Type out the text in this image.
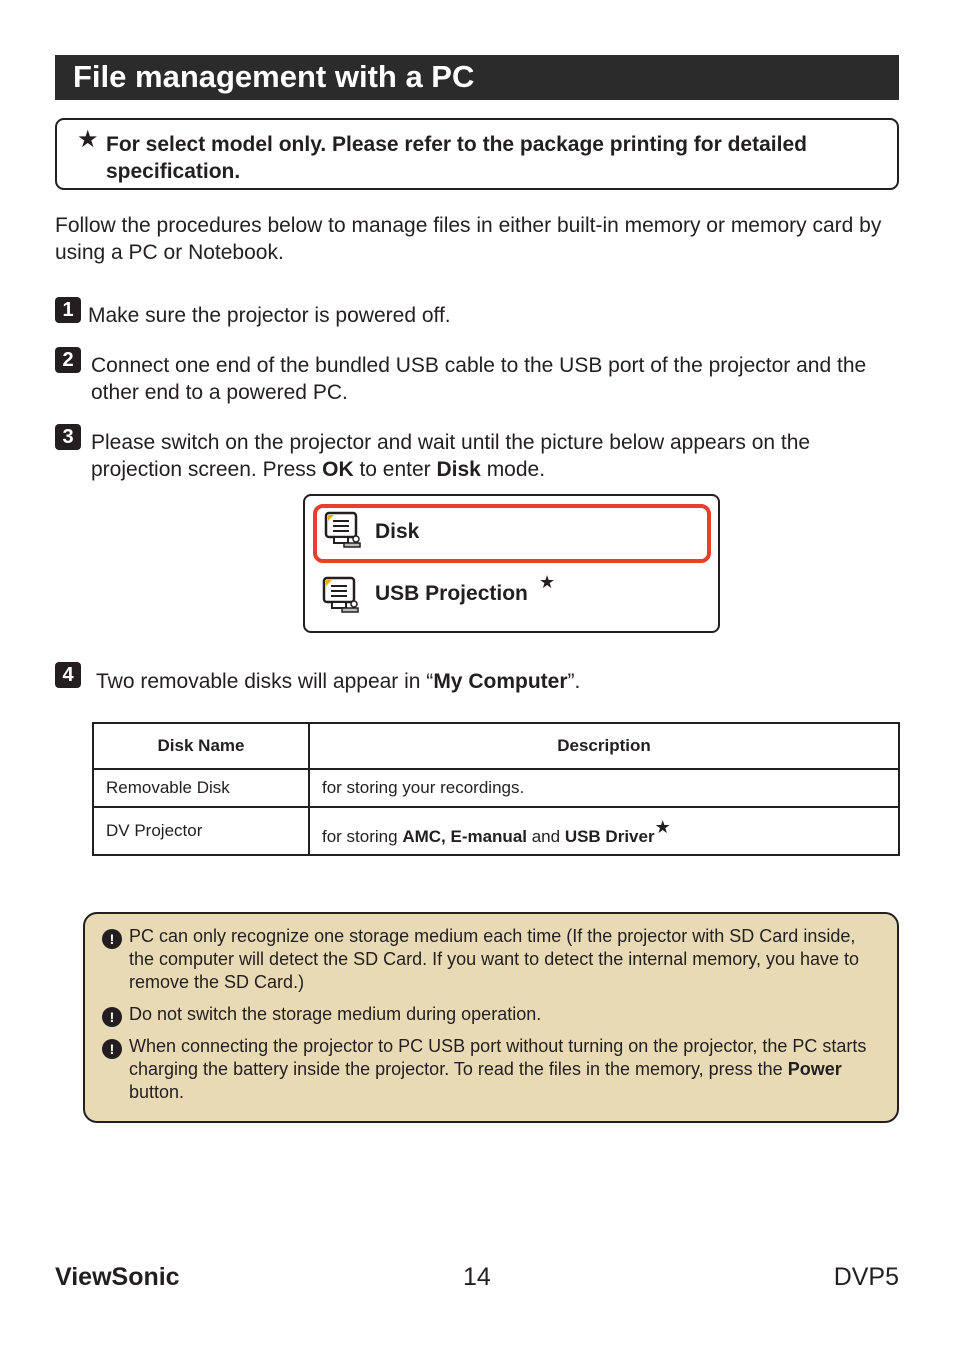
File management with a PC
★ For select model only. Please refer to the package printing for detailed specification.
Follow the procedures below to manage files in either built-in memory or memory card by using a PC or Notebook.
1 Make sure the projector is powered off.
2 Connect one end of the bundled USB cable to the USB port of the projector and the other end to a powered PC.
3 Please switch on the projector and wait until the picture below appears on the projection screen. Press OK to enter Disk mode.
Disk
USB Projection ★
4	Two removable disks will appear in “My Computer”.
Disk Name	Description
Removable Disk	for storing your recordings.
DV Projector	for storing AMC, E-manual and USB Driver★
! PC can only recognize one storage medium each time (If the projector with SD Card inside, the computer will detect the SD Card. If you want to detect the internal memory, you have to remove the SD Card.)
! Do not switch the storage medium during operation.
! When connecting the projector to PC USB port without turning on the projector, the PC starts charging the battery inside the projector. To read the files in the memory, press the Power button.
ViewSonic	14	DVP5
